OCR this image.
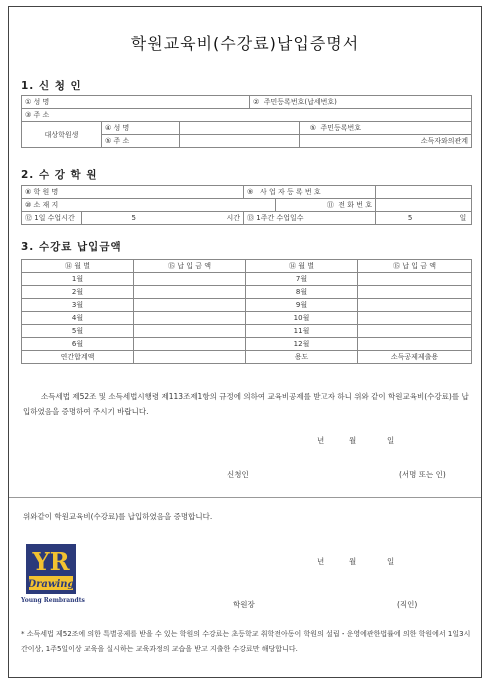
학원교육비(수강료)납입증명서
1. 신 청 인
① 성 명			② 주민등록번호(납세번호)	
③ 주 소				
대상학원생	④ 성 명			⑤ 주민등록번호
	⑤ 주 소			소득자와의관계
2. 수 강 학 원
⑧ 학 원 명			⑨ 사 업 자 등 록 번 호		
⑩ 소 재 지				⑪ 전 화 번 호	
⑫ 1일 수업시간	5	시간	⑬ 1주간 수업일수		5 일
3. 수강료 납입금액
⑭ 월 별	⑮ 납 입 금 액	⑭ 월 별	⑮ 납 입 금 액
1월		7월	
2월		8월	
3월		9월	
4월		10월	
5월		11월	
6월		12월	
연간합계액		용도	소득공제제출용
소득세법 제52조 및 소득세법시행령 제113조제1항의 규정에 의하여 교육비공제를 받고자 하니 위와 같이 학원교육비(수강료)를 납입하였음을 증명하여 주시기 바랍니다.
년	월	일
신청인	(서명 또는 인)
위와같이 학원교육비(수강료)를 납입하였음을 증명합니다.
YR
Drawing
Young Rembrandts
년	월	일
학원장	(직인)
* 소득세법 제52조에 의한 특별공제를 받을 수 있는 학원의 수강료는 초등학교 취학전아동이 학원의 설립・운영에관한법률에 의한 학원에서 1일3시간이상, 1주5일이상 교육을 실시하는 교육과정의 교습을 받고 지출한 수강료만 해당합니다.
